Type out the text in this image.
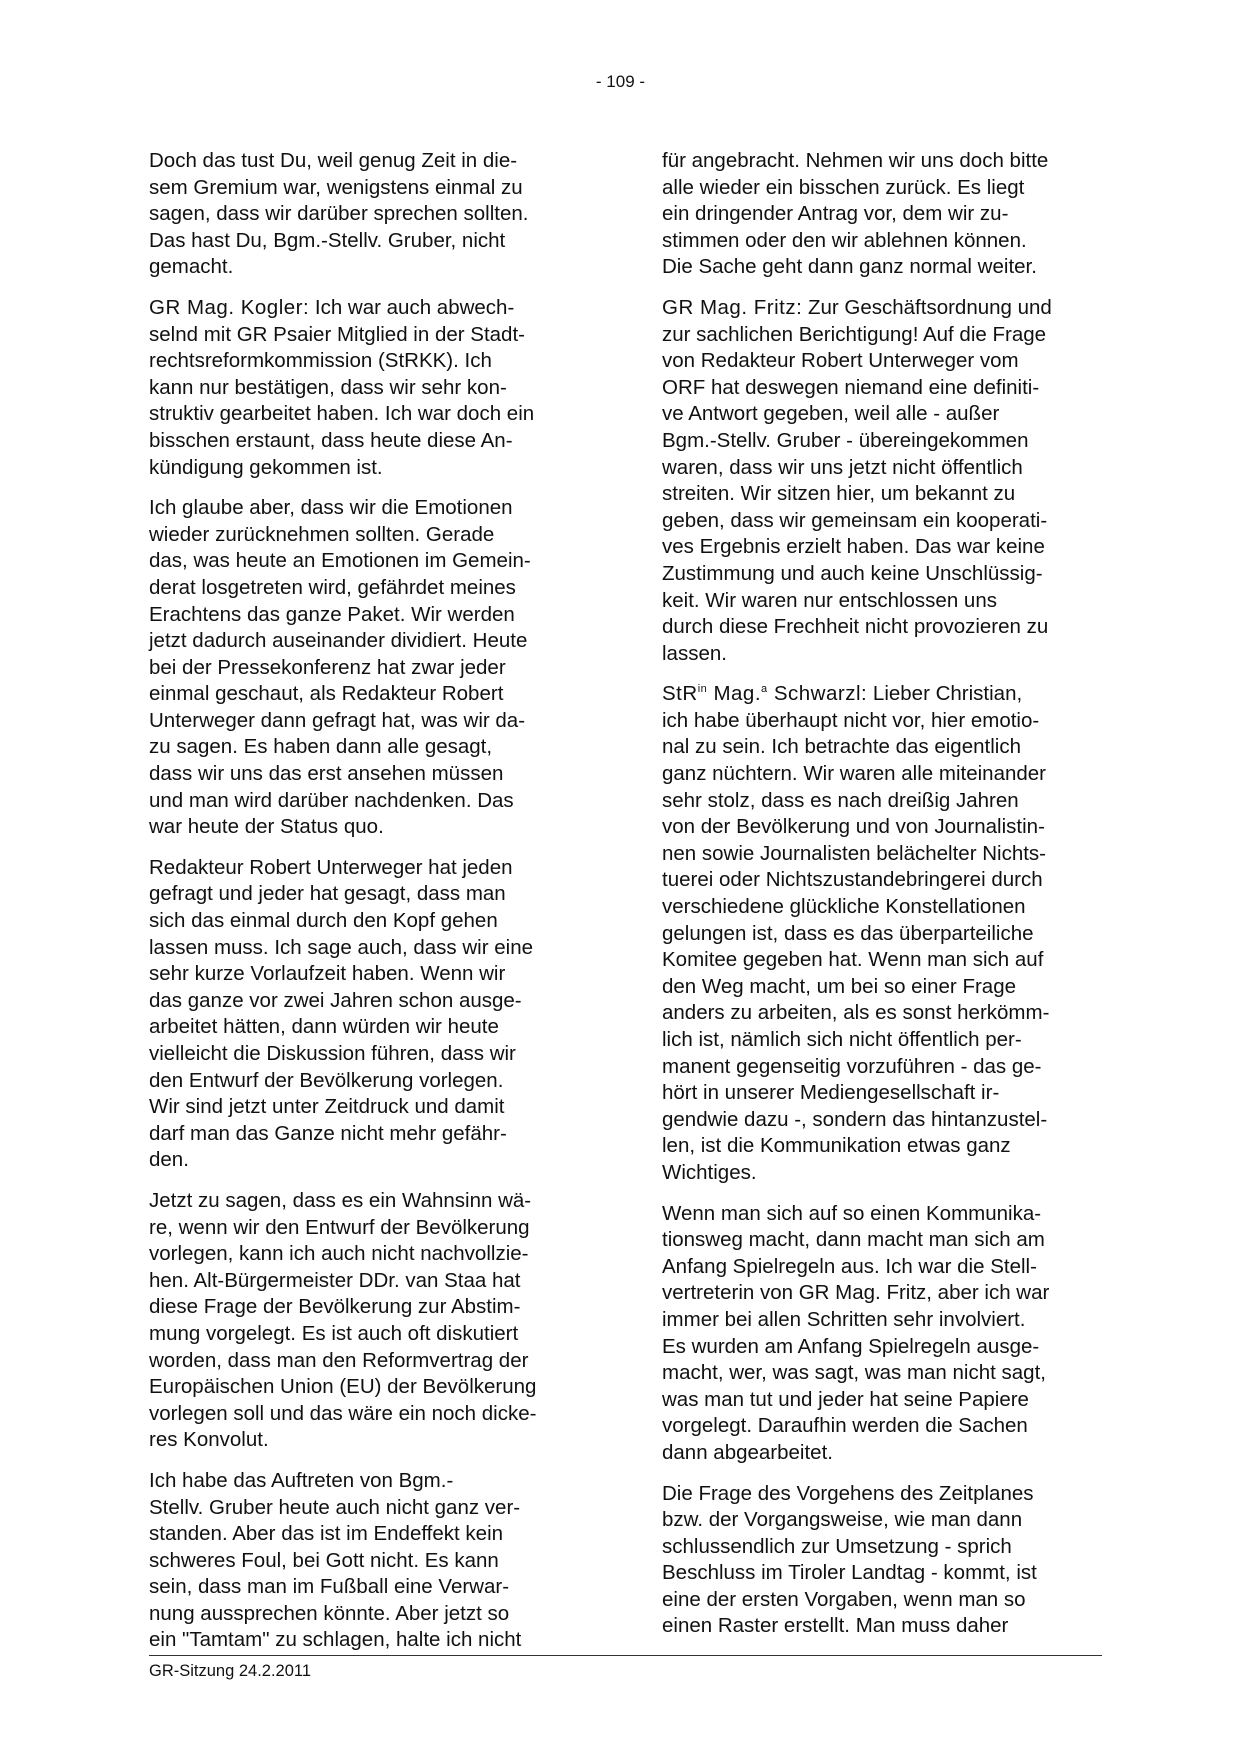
- 109 -

Doch das tust Du, weil genug Zeit in die-
sem Gremium war, wenigstens einmal zu
sagen, dass wir darüber sprechen sollten.
Das hast Du, Bgm.-Stellv. Gruber, nicht
gemacht.

GR Mag. Kogler: Ich war auch abwech-
selnd mit GR Psaier Mitglied in der Stadt-
rechtsreformkommission (StRKK). Ich
kann nur bestätigen, dass wir sehr kon-
struktiv gearbeitet haben. Ich war doch ein
bisschen erstaunt, dass heute diese An-
kündigung gekommen ist.

Ich glaube aber, dass wir die Emotionen
wieder zurücknehmen sollten. Gerade
das, was heute an Emotionen im Gemein-
derat losgetreten wird, gefährdet meines
Erachtens das ganze Paket. Wir werden
jetzt dadurch auseinander dividiert. Heute
bei der Pressekonferenz hat zwar jeder
einmal geschaut, als Redakteur Robert
Unterweger dann gefragt hat, was wir da-
zu sagen. Es haben dann alle gesagt,
dass wir uns das erst ansehen müssen
und man wird darüber nachdenken. Das
war heute der Status quo.

Redakteur Robert Unterweger hat jeden
gefragt und jeder hat gesagt, dass man
sich das einmal durch den Kopf gehen
lassen muss. Ich sage auch, dass wir eine
sehr kurze Vorlaufzeit haben. Wenn wir
das ganze vor zwei Jahren schon ausge-
arbeitet hätten, dann würden wir heute
vielleicht die Diskussion führen, dass wir
den Entwurf der Bevölkerung vorlegen.
Wir sind jetzt unter Zeitdruck und damit
darf man das Ganze nicht mehr gefähr-
den.

Jetzt zu sagen, dass es ein Wahnsinn wä-
re, wenn wir den Entwurf der Bevölkerung
vorlegen, kann ich auch nicht nachvollzie-
hen. Alt-Bürgermeister DDr. van Staa hat
diese Frage der Bevölkerung zur Abstim-
mung vorgelegt. Es ist auch oft diskutiert
worden, dass man den Reformvertrag der
Europäischen Union (EU) der Bevölkerung
vorlegen soll und das wäre ein noch dicke-
res Konvolut.

Ich habe das Auftreten von Bgm.-
Stellv. Gruber heute auch nicht ganz ver-
standen. Aber das ist im Endeffekt kein
schweres Foul, bei Gott nicht. Es kann
sein, dass man im Fußball eine Verwar-
nung aussprechen könnte. Aber jetzt so
ein "Tamtam" zu schlagen, halte ich nicht

für angebracht. Nehmen wir uns doch bitte
alle wieder ein bisschen zurück. Es liegt
ein dringender Antrag vor, dem wir zu-
stimmen oder den wir ablehnen können.
Die Sache geht dann ganz normal weiter.

GR Mag. Fritz: Zur Geschäftsordnung und
zur sachlichen Berichtigung! Auf die Frage
von Redakteur Robert Unterweger vom
ORF hat deswegen niemand eine definiti-
ve Antwort gegeben, weil alle - außer
Bgm.-Stellv. Gruber - übereingekommen
waren, dass wir uns jetzt nicht öffentlich
streiten. Wir sitzen hier, um bekannt zu
geben, dass wir gemeinsam ein kooperati-
ves Ergebnis erzielt haben. Das war keine
Zustimmung und auch keine Unschlüssig-
keit. Wir waren nur entschlossen uns
durch diese Frechheit nicht provozieren zu
lassen.

StR$^{in}$ Mag.$^a$ Schwarzl: Lieber Christian,
ich habe überhaupt nicht vor, hier emotio-
nal zu sein. Ich betrachte das eigentlich
ganz nüchtern. Wir waren alle miteinander
sehr stolz, dass es nach dreißig Jahren
von der Bevölkerung und von Journalistin-
nen sowie Journalisten belächelter Nichts-
tuerei oder Nichtszustandebringerei durch
verschiedene glückliche Konstellationen
gelungen ist, dass es das überparteiliche
Komitee gegeben hat. Wenn man sich auf
den Weg macht, um bei so einer Frage
anders zu arbeiten, als es sonst herkömm-
lich ist, nämlich sich nicht öffentlich per-
manent gegenseitig vorzuführen - das ge-
hört in unserer Mediengesellschaft ir-
gendwie dazu -, sondern das hintanzustel-
len, ist die Kommunikation etwas ganz
Wichtiges.

Wenn man sich auf so einen Kommunika-
tionsweg macht, dann macht man sich am
Anfang Spielregeln aus. Ich war die Stell-
vertreterin von GR Mag. Fritz, aber ich war
immer bei allen Schritten sehr involviert.
Es wurden am Anfang Spielregeln ausge-
macht, wer, was sagt, was man nicht sagt,
was man tut und jeder hat seine Papiere
vorgelegt. Daraufhin werden die Sachen
dann abgearbeitet.

Die Frage des Vorgehens des Zeitplanes
bzw. der Vorgangsweise, wie man dann
schlussendlich zur Umsetzung - sprich
Beschluss im Tiroler Landtag - kommt, ist
eine der ersten Vorgaben, wenn man so
einen Raster erstellt. Man muss daher

GR-Sitzung 24.2.2011
